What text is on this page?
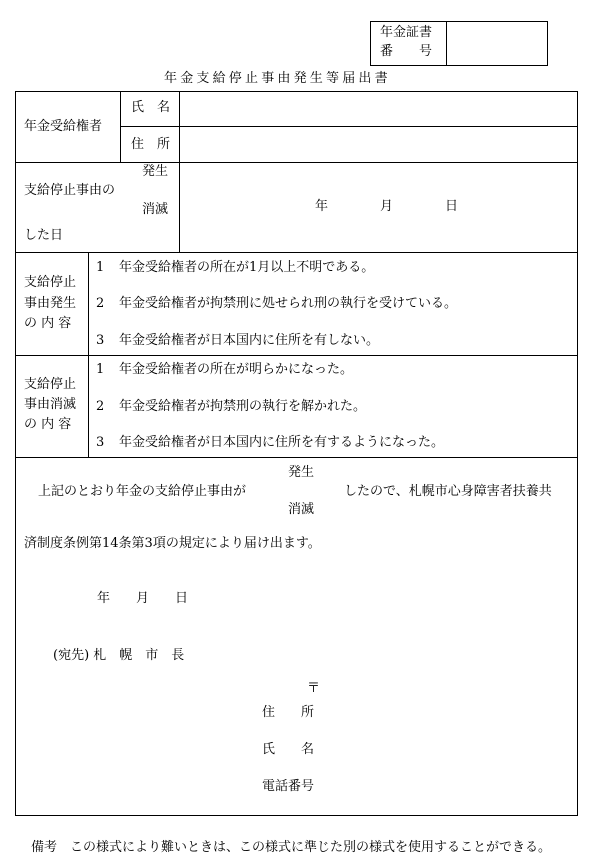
年金証書
番　　号
年金支給停止事由発生等届出書
年金受給権者
氏　名
住　所
発生
支給停止事由の
消滅
した日
年　　　　月　　　　日
支給停止
事由発生
の 内 容
1 年金受給権者の所在が1月以上不明である。
2 年金受給権者が拘禁刑に処せられ刑の執行を受けている。
3 年金受給権者が日本国内に住所を有しない。
支給停止
事由消滅
の 内 容
1 年金受給権者の所在が明らかになった。
2 年金受給権者が拘禁刑の執行を解かれた。
3 年金受給権者が日本国内に住所を有するようになった。
発生
上記のとおり年金の支給停止事由が	したので、札幌市心身障害者扶養共
消滅
済制度条例第14条第3項の規定により届け出ます。
年　　月　　日
(宛先) 札　幌　市　長
〒
住　　所
氏　　名
電話番号
備考　この様式により難いときは、この様式に準じた別の様式を使用することができる。
